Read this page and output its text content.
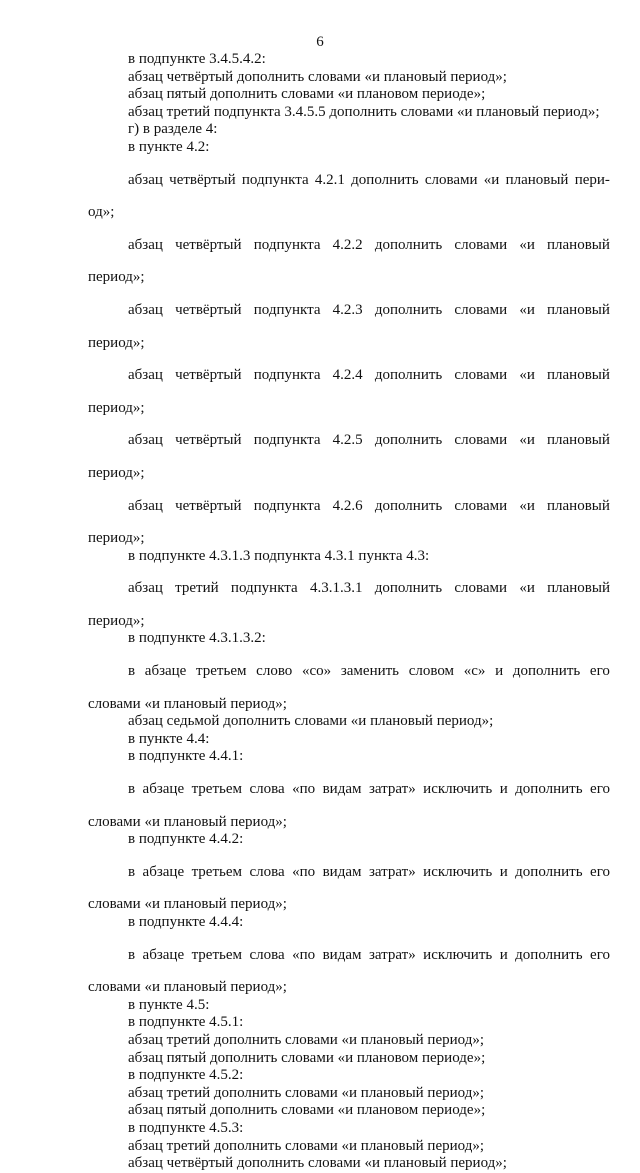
6

в подпункте 3.4.5.4.2:

абзац четвёртый дополнить словами «и плановый период»;

абзац пятый дополнить словами «и плановом периоде»;

абзац третий подпункта 3.4.5.5 дополнить словами «и плановый период»;

г) в разделе 4:

в пункте 4.2:

абзац четвёртый подпункта 4.2.1 дополнить словами «и плановый пери-

од»;

абзац четвёртый подпункта 4.2.2 дополнить словами «и плановый

период»;

абзац четвёртый подпункта 4.2.3 дополнить словами «и плановый

период»;

абзац четвёртый подпункта 4.2.4 дополнить словами «и плановый

период»;

абзац четвёртый подпункта 4.2.5 дополнить словами «и плановый

период»;

абзац четвёртый подпункта 4.2.6 дополнить словами «и плановый

период»;

в подпункте 4.3.1.3 подпункта 4.3.1 пункта 4.3:

абзац третий подпункта 4.3.1.3.1 дополнить словами «и плановый

период»;

в подпункте 4.3.1.3.2:

в абзаце третьем слово «со» заменить словом «с» и дополнить его

словами «и плановый период»;

абзац седьмой дополнить словами «и плановый период»;

в пункте 4.4:

в подпункте 4.4.1:

в абзаце третьем слова «по видам затрат» исключить и дополнить его

словами «и плановый период»;

в подпункте 4.4.2:

в абзаце третьем слова «по видам затрат» исключить и дополнить его

словами «и плановый период»;

в подпункте 4.4.4:

в абзаце третьем слова «по видам затрат» исключить и дополнить его

словами «и плановый период»;

в пункте 4.5:

в подпункте 4.5.1:

абзац третий дополнить словами «и плановый период»;

абзац пятый дополнить словами «и плановом периоде»;

в подпункте 4.5.2:

абзац третий дополнить словами «и плановый период»;

абзац пятый дополнить словами «и плановом периоде»;

в подпункте 4.5.3:

абзац третий дополнить словами «и плановый период»;

абзац четвёртый дополнить словами «и плановый период»;
